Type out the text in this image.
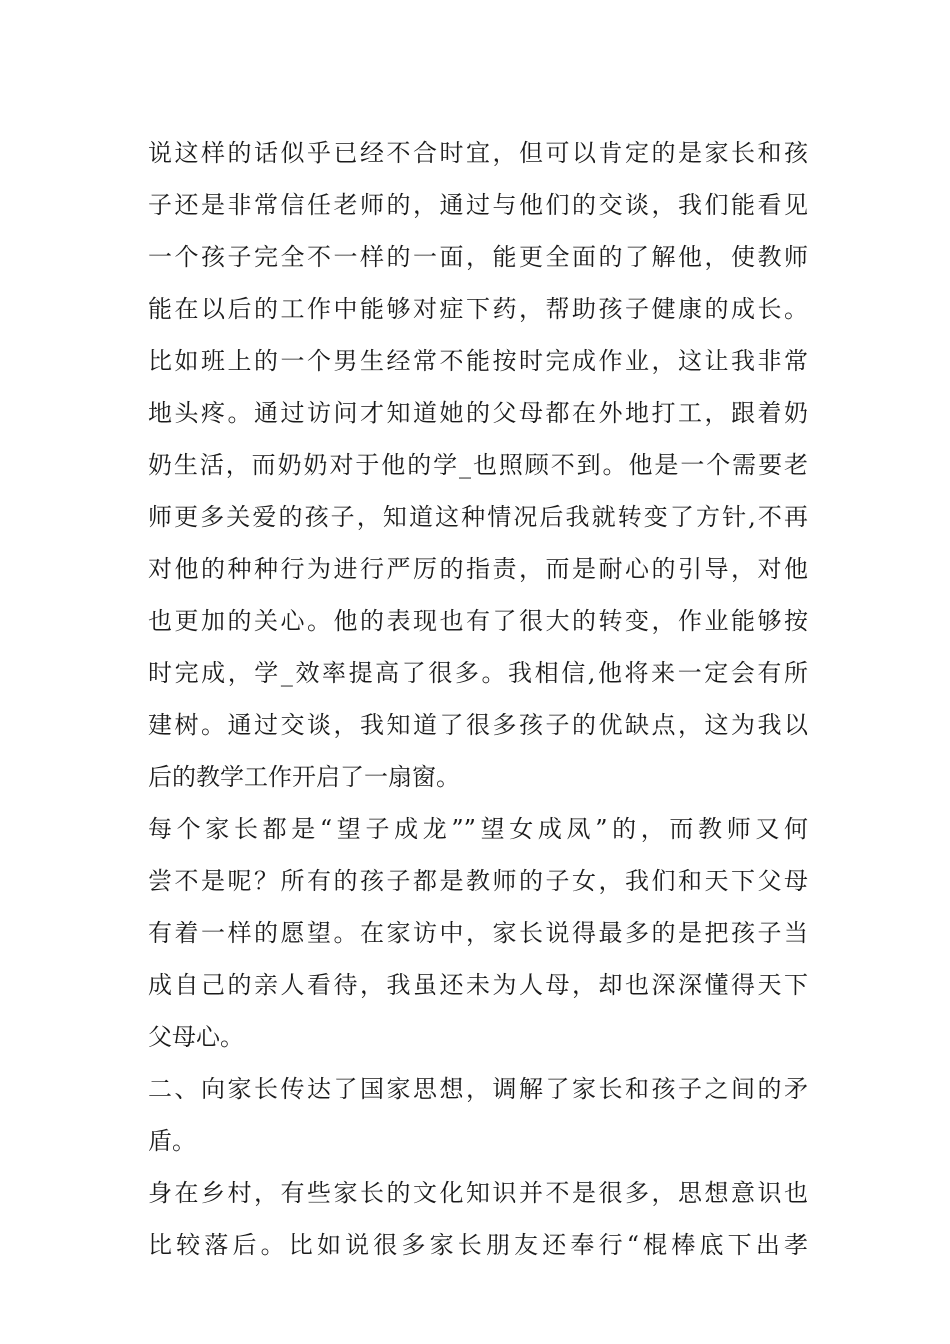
说这样的话似乎已经不合时宜，但可以肯定的是家长和孩
子还是非常信任老师的，通过与他们的交谈，我们能看见
一个孩子完全不一样的一面，能更全面的了解他，使教师
能在以后的工作中能够对症下药，帮助孩子健康的成长。
比如班上的一个男生经常不能按时完成作业，这让我非常
地头疼。通过访问才知道她的父母都在外地打工，跟着奶
奶生活，而奶奶对于他的学_也照顾不到。他是一个需要老
师更多关爱的孩子，知道这种情况后我就转变了方针,不再
对他的种种行为进行严厉的指责，而是耐心的引导，对他
也更加的关心。他的表现也有了很大的转变，作业能够按
时完成，学_效率提高了很多。我相信,他将来一定会有所
建树。通过交谈，我知道了很多孩子的优缺点，这为我以
后的教学工作开启了一扇窗。
每个家长都是“望子成龙””望女成凤”的，而教师又何
尝不是呢？所有的孩子都是教师的子女，我们和天下父母
有着一样的愿望。在家访中，家长说得最多的是把孩子当
成自己的亲人看待，我虽还未为人母，却也深深懂得天下
父母心。
二、向家长传达了国家思想，调解了家长和孩子之间的矛
盾。
身在乡村，有些家长的文化知识并不是很多，思想意识也
比较落后。比如说很多家长朋友还奉行“棍棒底下出孝
